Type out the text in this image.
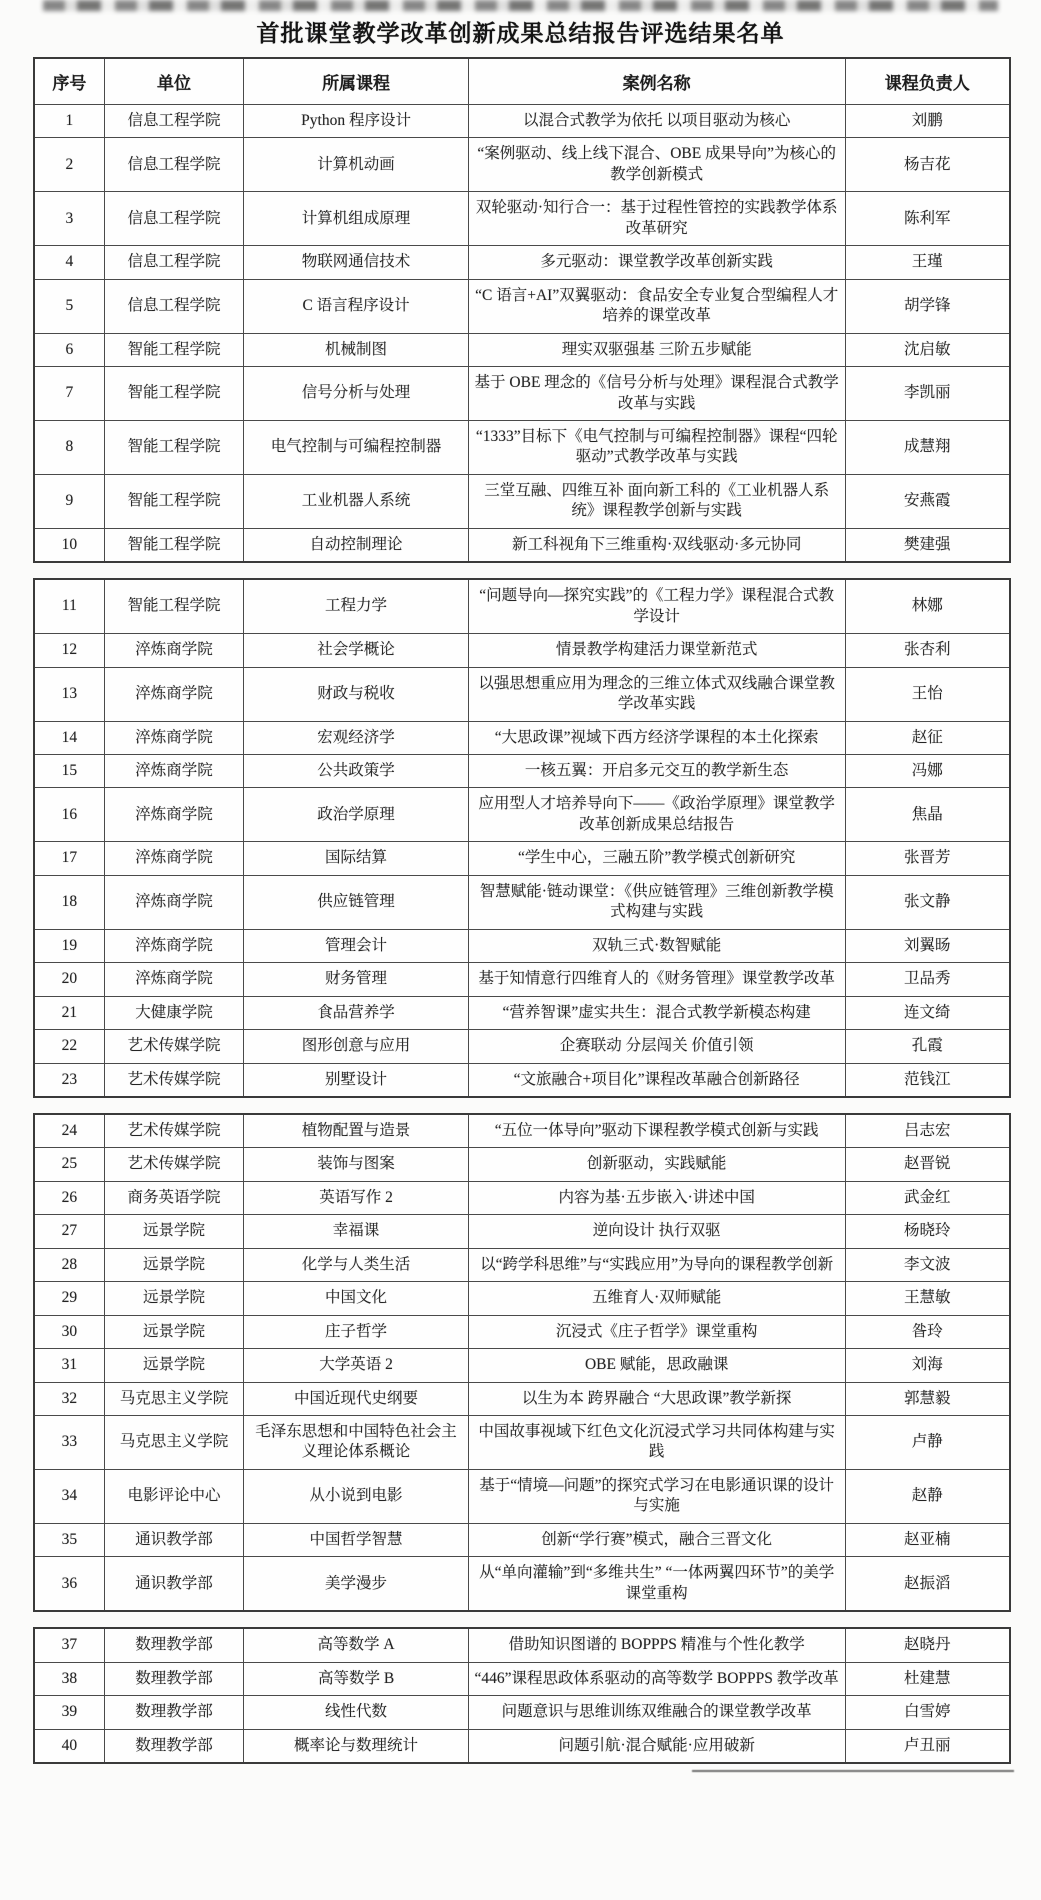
首批课堂教学改革创新成果总结报告评选结果名单
序号	单位	所属课程	案例名称	课程负责人
1	信息工程学院	Python 程序设计	以混合式教学为依托 以项目驱动为核心	刘鹏
2	信息工程学院	计算机动画	“案例驱动、线上线下混合、OBE 成果导向”为核心的教学创新模式	杨吉花
3	信息工程学院	计算机组成原理	双轮驱动·知行合一：基于过程性管控的实践教学体系改革研究	陈利军
4	信息工程学院	物联网通信技术	多元驱动：课堂教学改革创新实践	王瑾
5	信息工程学院	C 语言程序设计	“C 语言+AI”双翼驱动：食品安全专业复合型编程人才培养的课堂改革	胡学锋
6	智能工程学院	机械制图	理实双驱强基 三阶五步赋能	沈启敏
7	智能工程学院	信号分析与处理	基于 OBE 理念的《信号分析与处理》课程混合式教学改革与实践	李凯丽
8	智能工程学院	电气控制与可编程控制器	“1333”目标下《电气控制与可编程控制器》课程“四轮驱动”式教学改革与实践	成慧翔
9	智能工程学院	工业机器人系统	三堂互融、四维互补 面向新工科的《工业机器人系统》课程教学创新与实践	安燕霞
10	智能工程学院	自动控制理论	新工科视角下三维重构·双线驱动·多元协同	樊建强
11	智能工程学院	工程力学	“问题导向—探究实践”的《工程力学》课程混合式教学设计	林娜
12	淬炼商学院	社会学概论	情景教学构建活力课堂新范式	张杏利
13	淬炼商学院	财政与税收	以强思想重应用为理念的三维立体式双线融合课堂教学改革实践	王怡
14	淬炼商学院	宏观经济学	“大思政课”视域下西方经济学课程的本土化探索	赵征
15	淬炼商学院	公共政策学	一核五翼：开启多元交互的教学新生态	冯娜
16	淬炼商学院	政治学原理	应用型人才培养导向下——《政治学原理》课堂教学改革创新成果总结报告	焦晶
17	淬炼商学院	国际结算	“学生中心，三融五阶”教学模式创新研究	张晋芳
18	淬炼商学院	供应链管理	智慧赋能·链动课堂：《供应链管理》三维创新教学模式构建与实践	张文静
19	淬炼商学院	管理会计	双轨三式·数智赋能	刘翼旸
20	淬炼商学院	财务管理	基于知情意行四维育人的《财务管理》课堂教学改革	卫品秀
21	大健康学院	食品营养学	“营养智课”虚实共生：混合式教学新模态构建	连文绮
22	艺术传媒学院	图形创意与应用	企赛联动 分层闯关 价值引领	孔霞
23	艺术传媒学院	别墅设计	“文旅融合+项目化”课程改革融合创新路径	范钱江
24	艺术传媒学院	植物配置与造景	“五位一体导向”驱动下课程教学模式创新与实践	吕志宏
25	艺术传媒学院	装饰与图案	创新驱动，实践赋能	赵晋锐
26	商务英语学院	英语写作 2	内容为基·五步嵌入·讲述中国	武金红
27	远景学院	幸福课	逆向设计 执行双驱	杨晓玲
28	远景学院	化学与人类生活	以“跨学科思维”与“实践应用”为导向的课程教学创新	李文波
29	远景学院	中国文化	五维育人·双师赋能	王慧敏
30	远景学院	庄子哲学	沉浸式《庄子哲学》课堂重构	昝玲
31	远景学院	大学英语 2	OBE 赋能，思政融课	刘海
32	马克思主义学院	中国近现代史纲要	以生为本 跨界融合 “大思政课”教学新探	郭慧毅
33	马克思主义学院	毛泽东思想和中国特色社会主义理论体系概论	中国故事视域下红色文化沉浸式学习共同体构建与实践	卢静
34	电影评论中心	从小说到电影	基于“情境—问题”的探究式学习在电影通识课的设计与实施	赵静
35	通识教学部	中国哲学智慧	创新“学行赛”模式，融合三晋文化	赵亚楠
36	通识教学部	美学漫步	从“单向灌输”到“多维共生” “一体两翼四环节”的美学课堂重构	赵振滔
37	数理教学部	高等数学 A	借助知识图谱的 BOPPPS 精准与个性化教学	赵晓丹
38	数理教学部	高等数学 B	“446”课程思政体系驱动的高等数学 BOPPPS 教学改革	杜建慧
39	数理教学部	线性代数	问题意识与思维训练双维融合的课堂教学改革	白雪婷
40	数理教学部	概率论与数理统计	问题引航·混合赋能·应用破新	卢丑丽
